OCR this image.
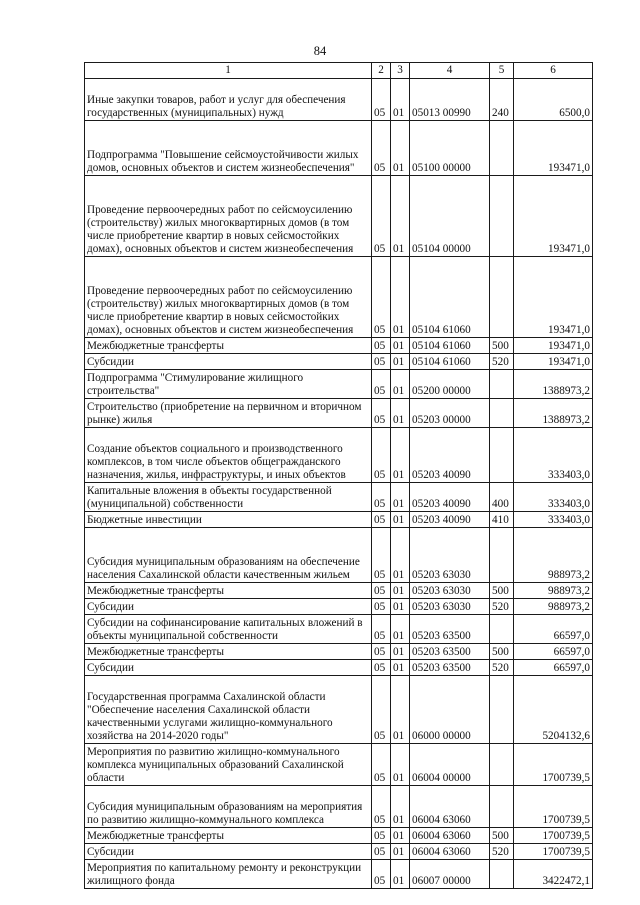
84
1	2	3	4	5	6
Иные закупки товаров, работ и услуг для обеспечения государственных (муниципальных) нужд	05	01	05013 00990	240	6500,0
Подпрограмма "Повышение сейсмоустойчивости жилых домов, основных объектов и систем жизнеобеспечения"	05	01	05100 00000		193471,0
Проведение первоочередных работ по сейсмоусилению (строительству) жилых многоквартирных домов (в том числе приобретение квартир в новых сейсмостойких домах), основных объектов и систем жизнеобеспечения	05	01	05104 00000		193471,0
Проведение первоочередных работ по сейсмоусилению (строительству) жилых многоквартирных домов (в том числе приобретение квартир в новых сейсмостойких домах), основных объектов и систем жизнеобеспечения	05	01	05104 61060		193471,0
Межбюджетные трансферты	05	01	05104 61060	500	193471,0
Субсидии	05	01	05104 61060	520	193471,0
Подпрограмма "Стимулирование жилищного строительства"	05	01	05200 00000		1388973,2
Строительство (приобретение на первичном и вторичном рынке) жилья	05	01	05203 00000		1388973,2
Создание объектов социального и производственного комплексов, в том числе объектов общегражданского назначения, жилья, инфраструктуры, и иных объектов	05	01	05203 40090		333403,0
Капитальные вложения в объекты государственной (муниципальной) собственности	05	01	05203 40090	400	333403,0
Бюджетные инвестиции	05	01	05203 40090	410	333403,0
Субсидия муниципальным образованиям на обеспечение населения Сахалинской области качественным жильем	05	01	05203 63030		988973,2
Межбюджетные трансферты	05	01	05203 63030	500	988973,2
Субсидии	05	01	05203 63030	520	988973,2
Субсидии на софинансирование капитальных вложений в объекты муниципальной собственности	05	01	05203 63500		66597,0
Межбюджетные трансферты	05	01	05203 63500	500	66597,0
Субсидии	05	01	05203 63500	520	66597,0
Государственная программа Сахалинской области "Обеспечение населения Сахалинской области качественными услугами жилищно-коммунального хозяйства на 2014-2020 годы"	05	01	06000 00000		5204132,6
Мероприятия по развитию жилищно-коммунального комплекса муниципальных образований Сахалинской области	05	01	06004 00000		1700739,5
Субсидия муниципальным образованиям на мероприятия по развитию жилищно-коммунального комплекса	05	01	06004 63060		1700739,5
Межбюджетные трансферты	05	01	06004 63060	500	1700739,5
Субсидии	05	01	06004 63060	520	1700739,5
Мероприятия по капитальному ремонту и реконструкции жилищного фонда	05	01	06007 00000		3422472,1
